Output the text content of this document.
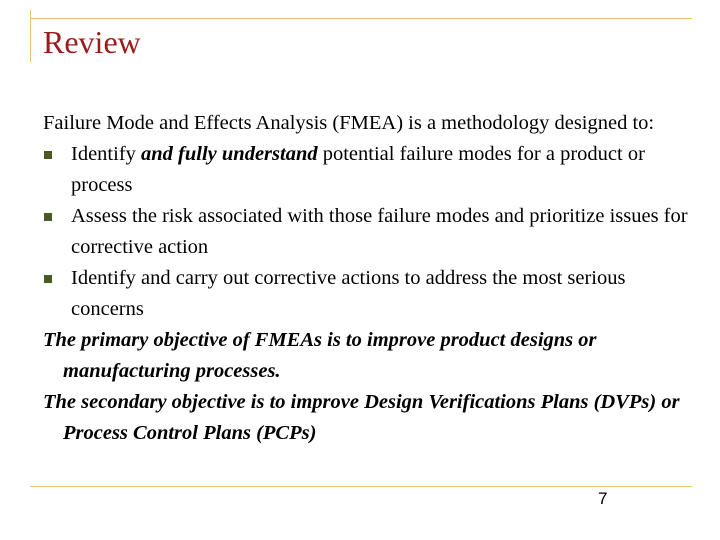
Review

Failure Mode and Effects Analysis (FMEA) is a methodology designed to:

Identify and fully understand potential failure modes for a product or process

Assess the risk associated with those failure modes and prioritize issues for corrective action

Identify and carry out corrective actions to address the most serious concerns

The primary objective of FMEAs is to improve product designs or manufacturing processes.

The secondary objective is to improve Design Verifications Plans (DVPs) or Process Control Plans (PCPs)

7
